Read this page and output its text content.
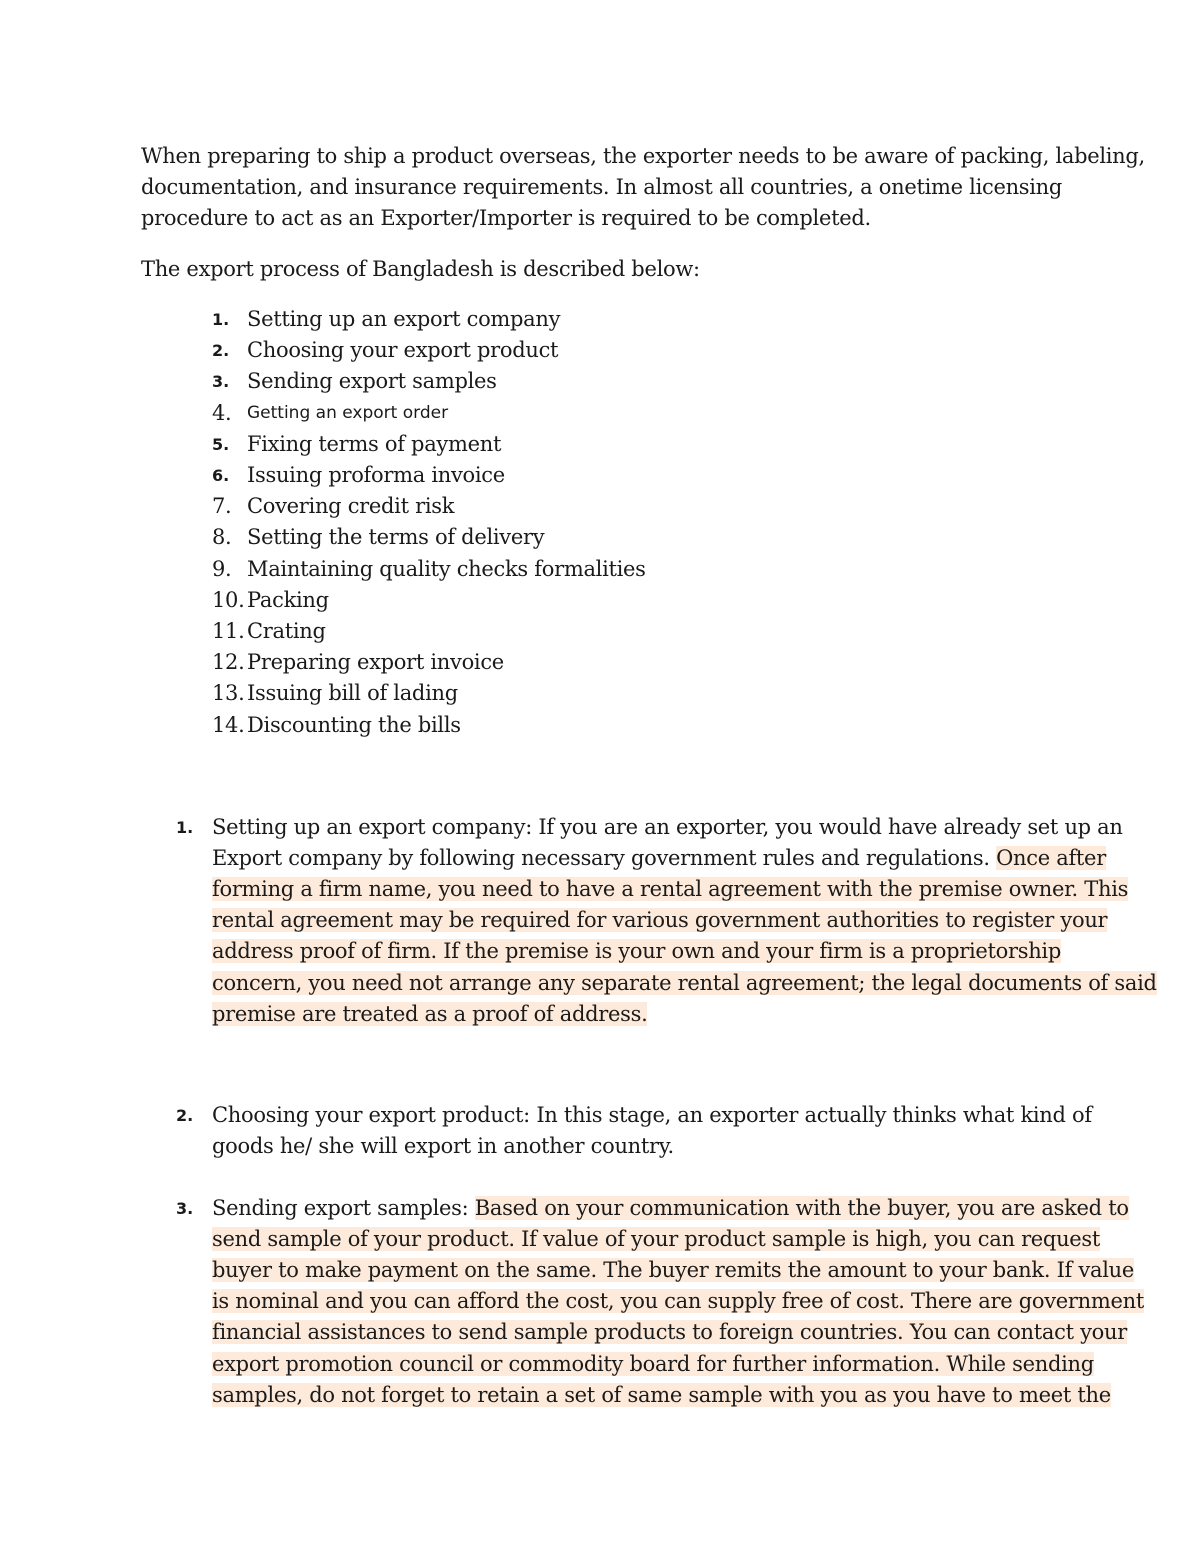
When preparing to ship a product overseas, the exporter needs to be aware of packing, labeling,
documentation, and insurance requirements. In almost all countries, a onetime licensing
procedure to act as an Exporter/Importer is required to be completed.
The export process of Bangladesh is described below:
1. Setting up an export company
2. Choosing your export product
3. Sending export samples
4. Getting an export order
5. Fixing terms of payment
6. Issuing proforma invoice
7. Covering credit risk
8. Setting the terms of delivery
9. Maintaining quality checks formalities
10. Packing
11. Crating
12. Preparing export invoice
13. Issuing bill of lading
14. Discounting the bills
1. Setting up an export company: If you are an exporter, you would have already set up an
Export company by following necessary government rules and regulations. Once after
forming a firm name, you need to have a rental agreement with the premise owner. This
rental agreement may be required for various government authorities to register your
address proof of firm. If the premise is your own and your firm is a proprietorship
concern, you need not arrange any separate rental agreement; the legal documents of said
premise are treated as a proof of address.
2. Choosing your export product: In this stage, an exporter actually thinks what kind of
goods he/ she will export in another country.
3. Sending export samples: Based on your communication with the buyer, you are asked to
send sample of your product. If value of your product sample is high, you can request
buyer to make payment on the same. The buyer remits the amount to your bank. If value
is nominal and you can afford the cost, you can supply free of cost. There are government
financial assistances to send sample products to foreign countries. You can contact your
export promotion council or commodity board for further information. While sending
samples, do not forget to retain a set of same sample with you as you have to meet the
